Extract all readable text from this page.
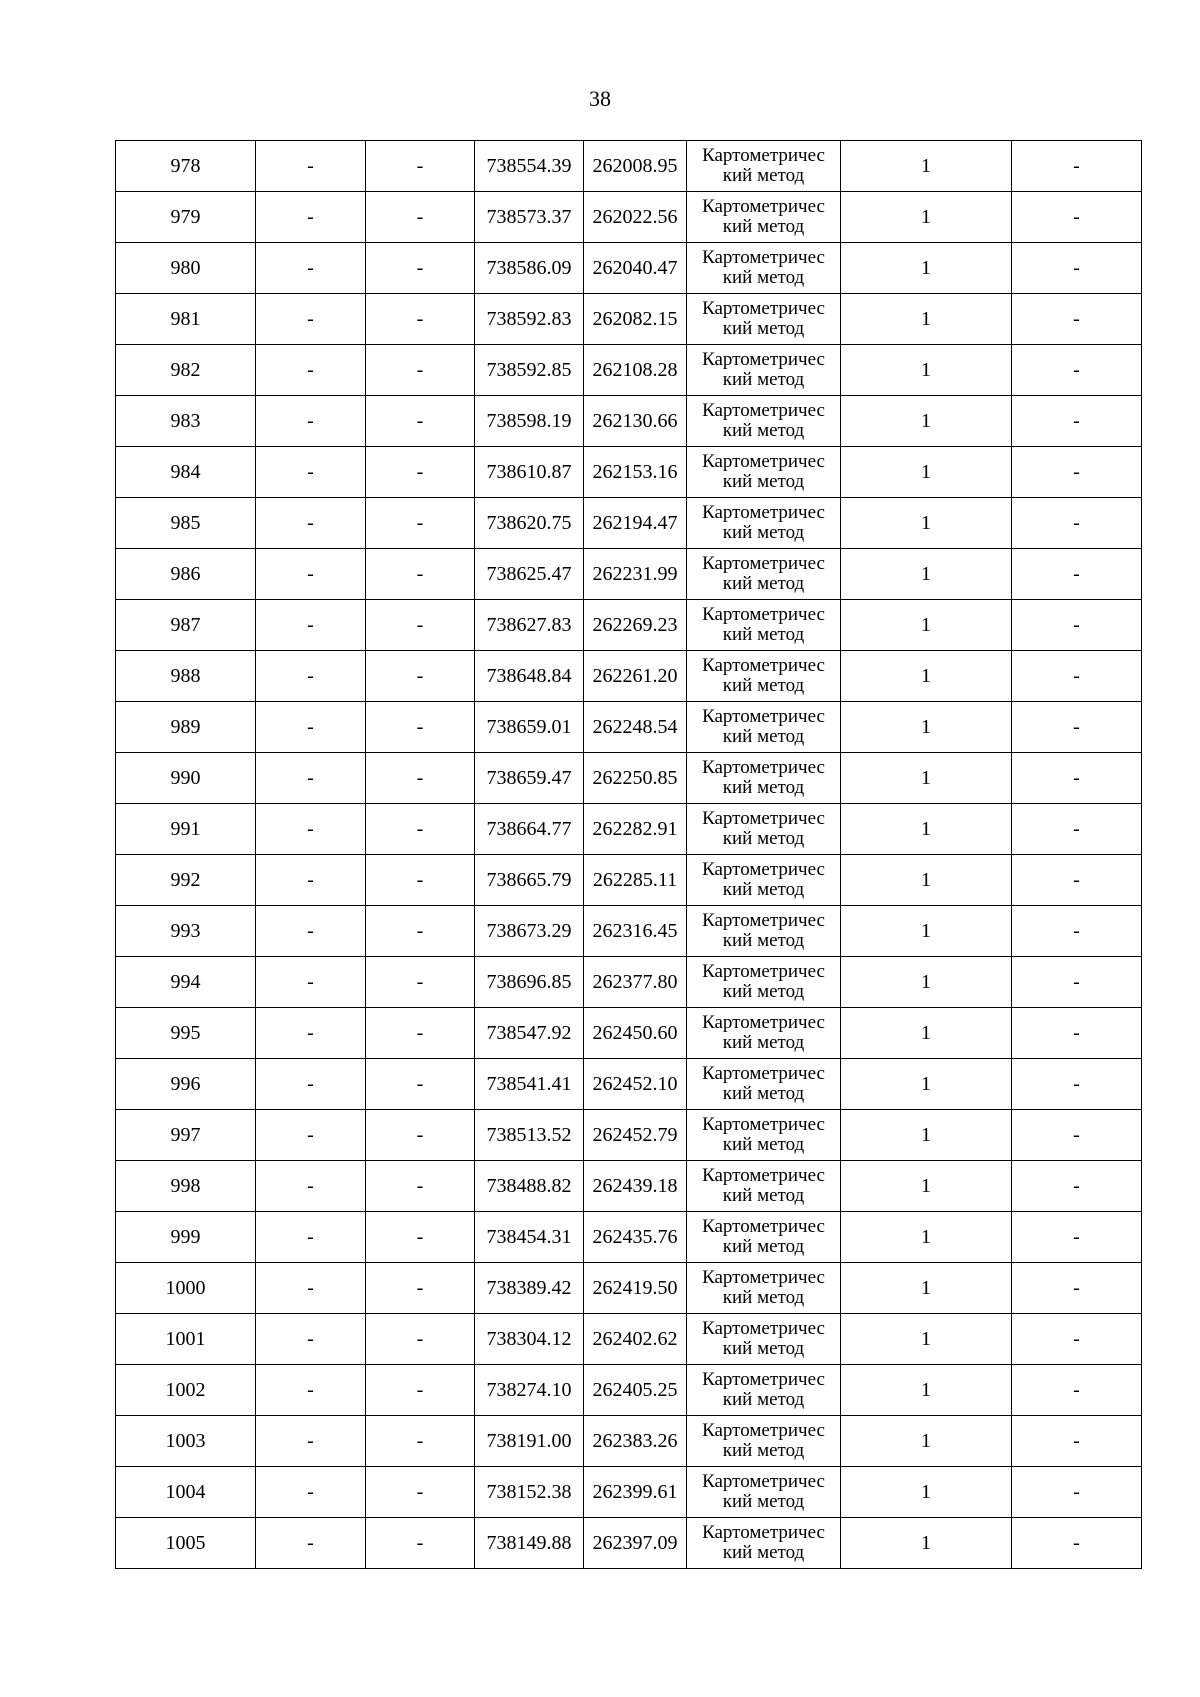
38
978	-	-	738554.39	262008.95	Картометричес кий метод	1	-
979	-	-	738573.37	262022.56	Картометричес кий метод	1	-
980	-	-	738586.09	262040.47	Картометричес кий метод	1	-
981	-	-	738592.83	262082.15	Картометричес кий метод	1	-
982	-	-	738592.85	262108.28	Картометричес кий метод	1	-
983	-	-	738598.19	262130.66	Картометричес кий метод	1	-
984	-	-	738610.87	262153.16	Картометричес кий метод	1	-
985	-	-	738620.75	262194.47	Картометричес кий метод	1	-
986	-	-	738625.47	262231.99	Картометричес кий метод	1	-
987	-	-	738627.83	262269.23	Картометричес кий метод	1	-
988	-	-	738648.84	262261.20	Картометричес кий метод	1	-
989	-	-	738659.01	262248.54	Картометричес кий метод	1	-
990	-	-	738659.47	262250.85	Картометричес кий метод	1	-
991	-	-	738664.77	262282.91	Картометричес кий метод	1	-
992	-	-	738665.79	262285.11	Картометричес кий метод	1	-
993	-	-	738673.29	262316.45	Картометричес кий метод	1	-
994	-	-	738696.85	262377.80	Картометричес кий метод	1	-
995	-	-	738547.92	262450.60	Картометричес кий метод	1	-
996	-	-	738541.41	262452.10	Картометричес кий метод	1	-
997	-	-	738513.52	262452.79	Картометричес кий метод	1	-
998	-	-	738488.82	262439.18	Картометричес кий метод	1	-
999	-	-	738454.31	262435.76	Картометричес кий метод	1	-
1000	-	-	738389.42	262419.50	Картометричес кий метод	1	-
1001	-	-	738304.12	262402.62	Картометричес кий метод	1	-
1002	-	-	738274.10	262405.25	Картометричес кий метод	1	-
1003	-	-	738191.00	262383.26	Картометричес кий метод	1	-
1004	-	-	738152.38	262399.61	Картометричес кий метод	1	-
1005	-	-	738149.88	262397.09	Картометричес кий метод	1	-
